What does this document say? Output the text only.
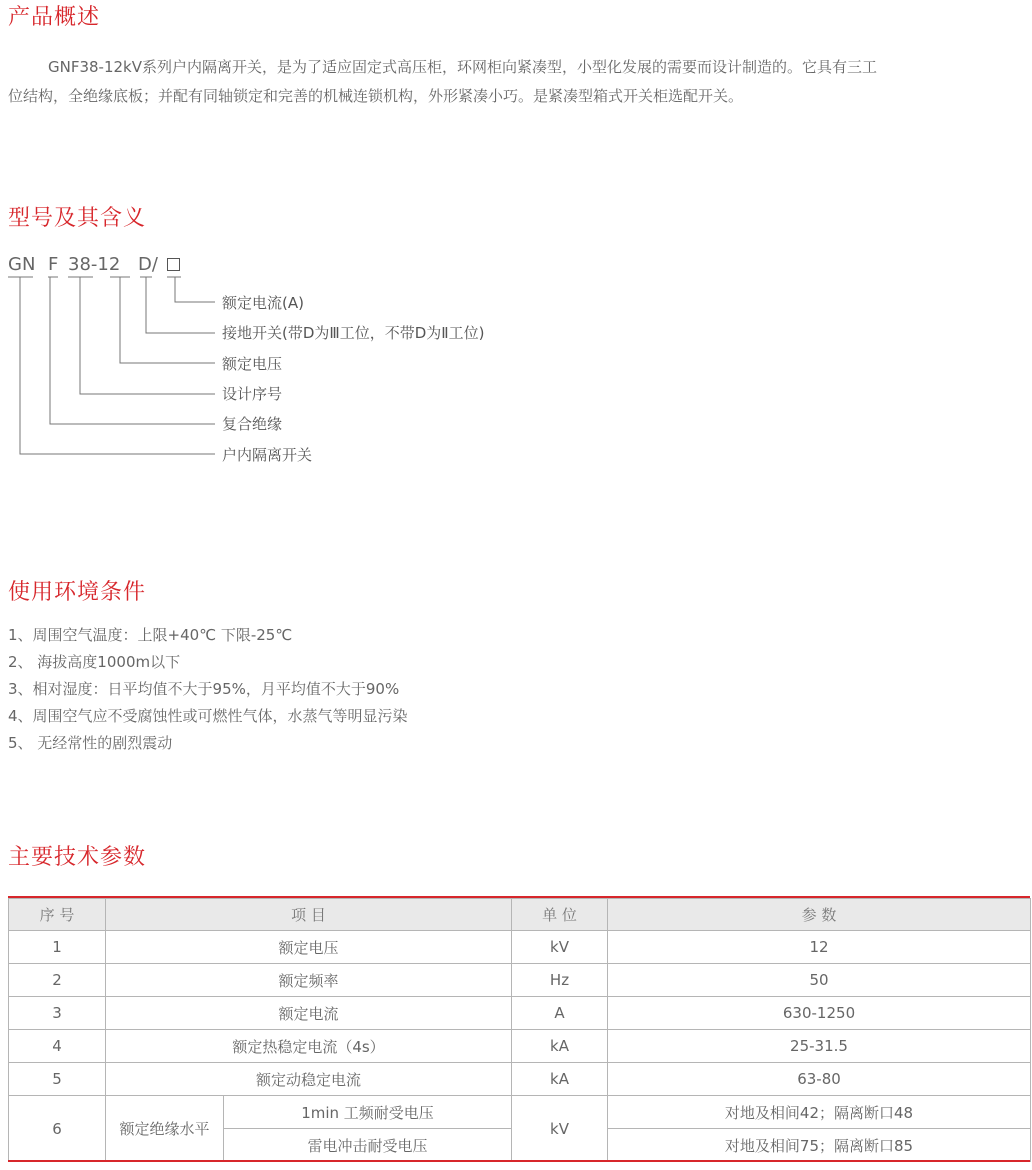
产品概述

GNF38-12kV系列户内隔离开关，是为了适应固定式高压柜，环网柜向紧凑型，小型化发展的需要而设计制造的。它具有三工
位结构，全绝缘底板；并配有同轴锁定和完善的机械连锁机构，外形紧凑小巧。是紧凑型箱式开关柜选配开关。

型号及其含义
GN F 38-12 D/
额定电流(A)
接地开关(带D为Ⅲ工位，不带D为Ⅱ工位)
额定电压
设计序号
复合绝缘
户内隔离开关
使用环境条件
1、周围空气温度：上限+40℃ 下限-25℃
2、 海拔高度1000m以下
3、相对湿度：日平均值不大于95%，月平均值不大于90%
4、周围空气应不受腐蚀性或可燃性气体，水蒸气等明显污染
5、 无经常性的剧烈震动
主要技术参数
序 号	项 目		单 位	参 数
1	额定电压		kV	12
2	额定频率		Hz	50
3	额定电流		A	630-1250
4	额定热稳定电流（4s）		kA	25-31.5
5	额定动稳定电流		kA	63-80
6	额定绝缘水平	1min 工频耐受电压	kV	对地及相间42；隔离断口48
		雷电冲击耐受电压		对地及相间75；隔离断口85
